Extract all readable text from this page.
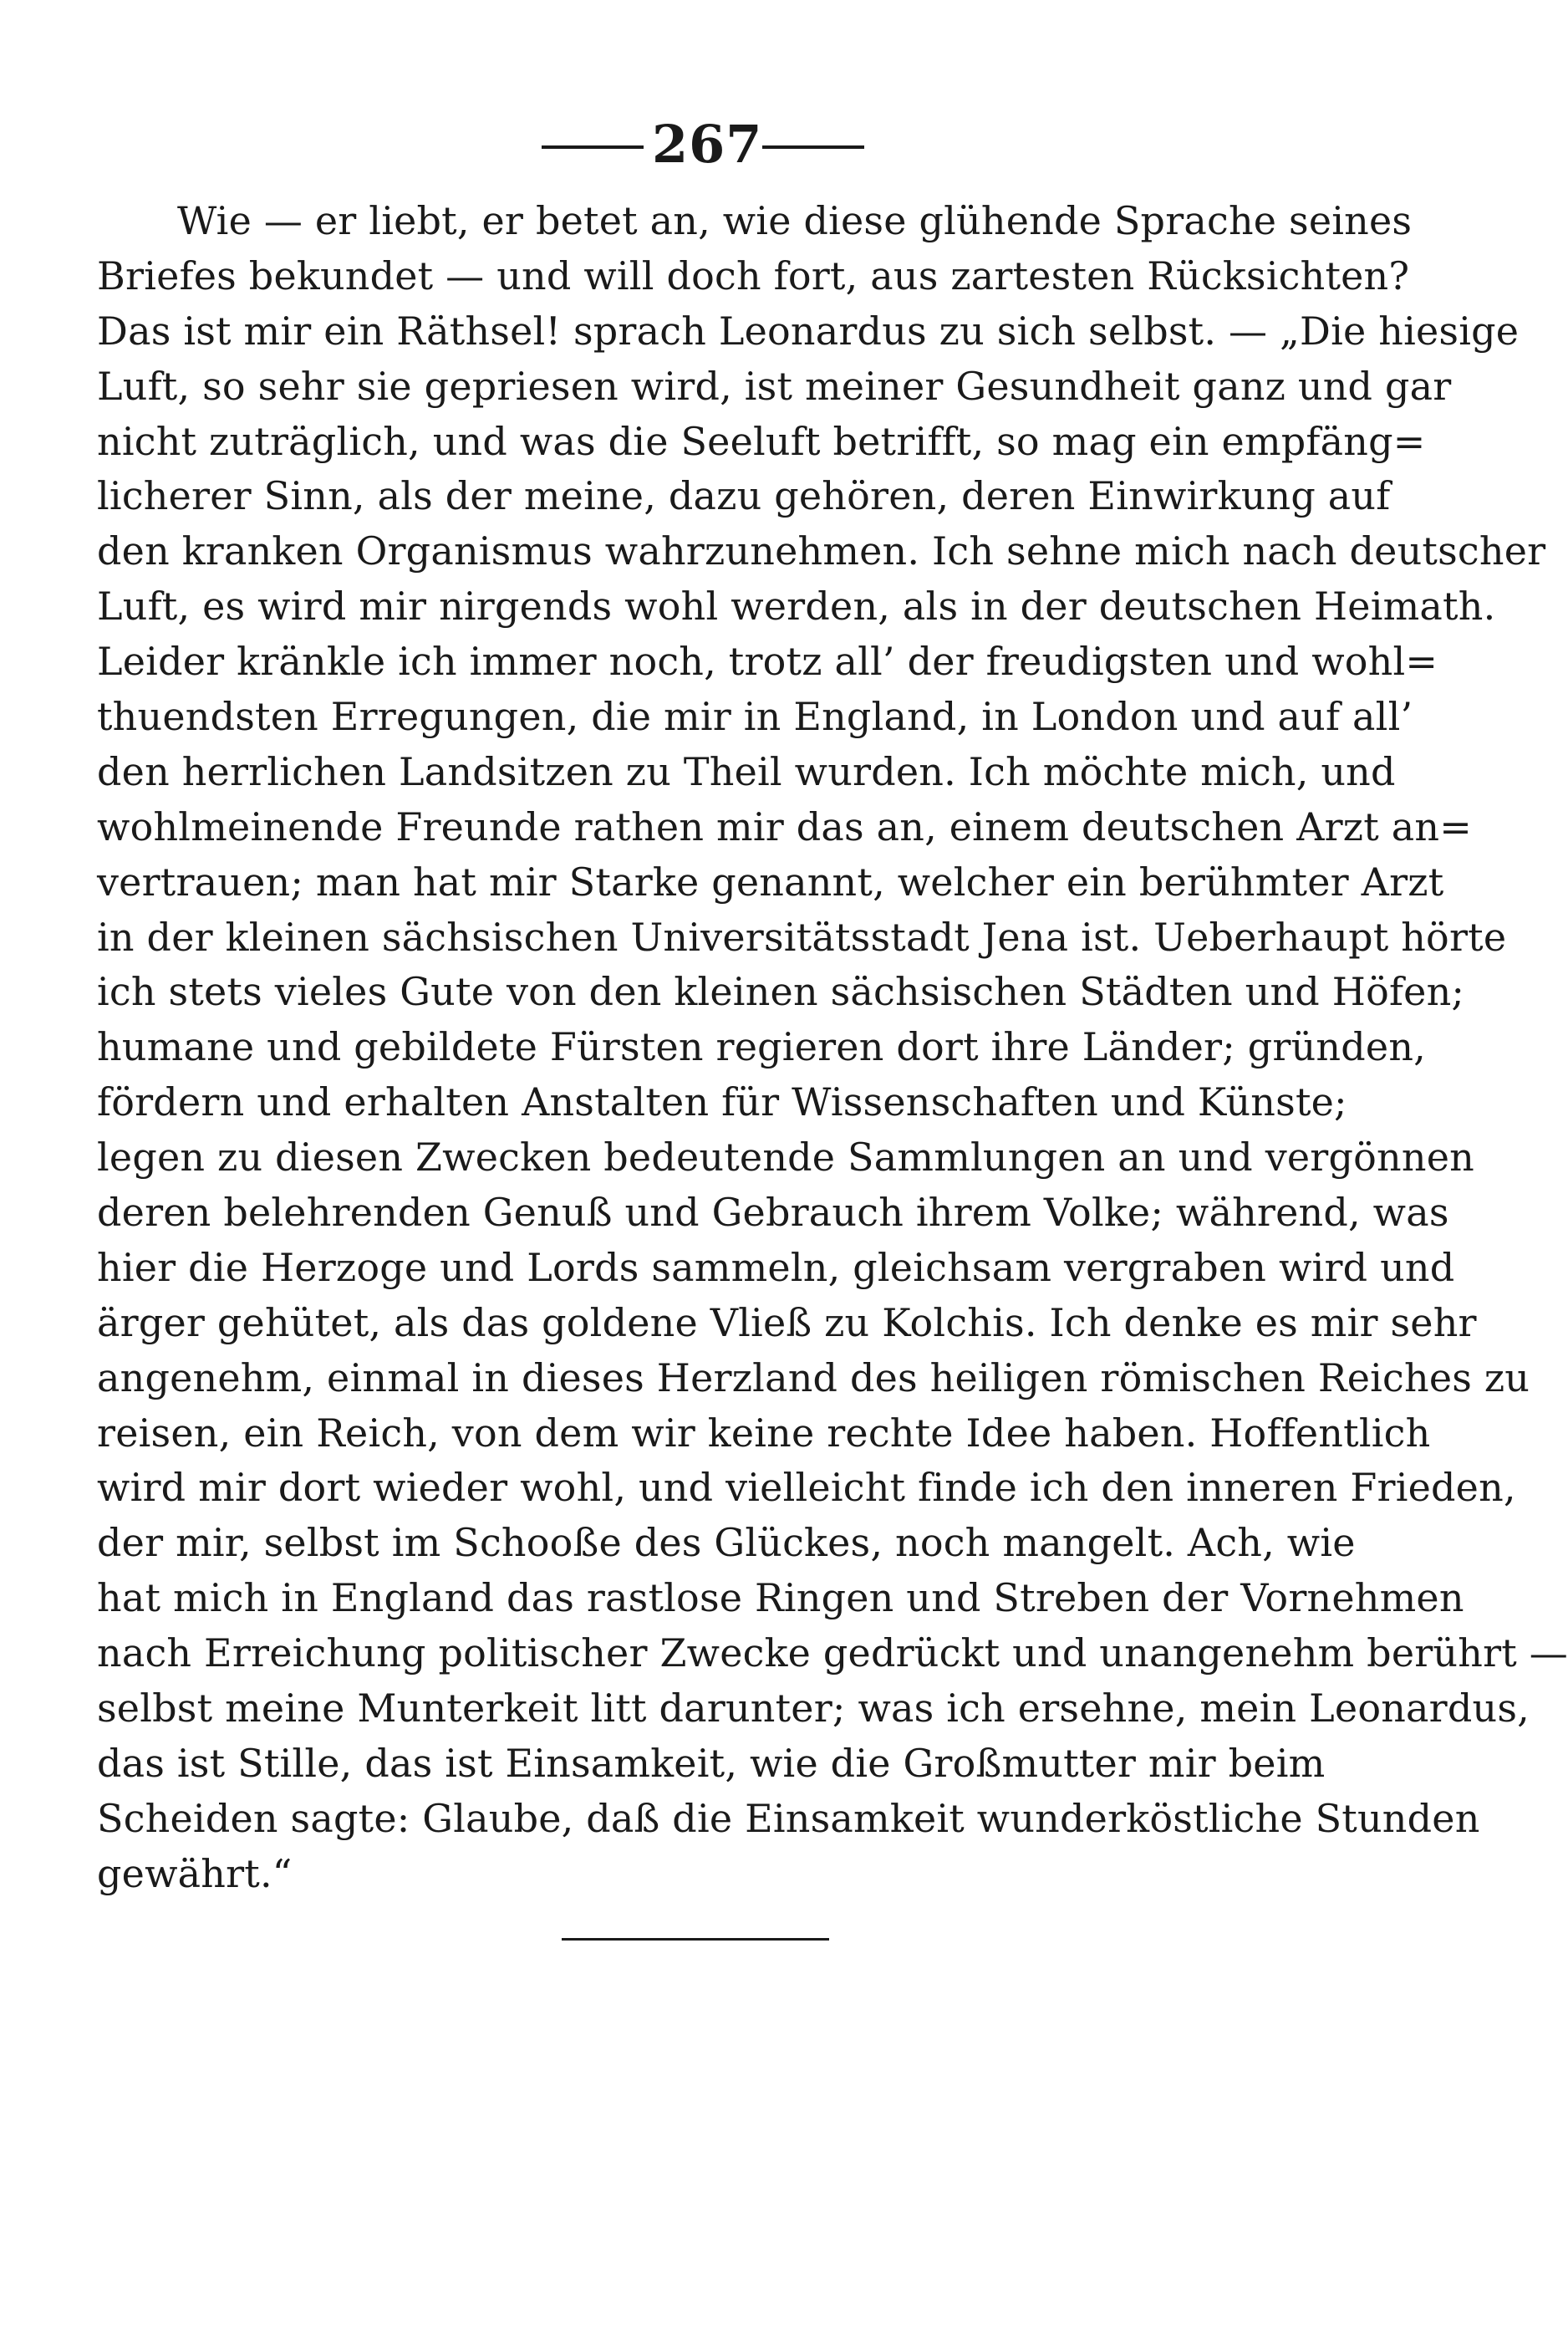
267
Wie — er liebt, er betet an, wie diese glühende Sprache seines
Briefes bekundet — und will doch fort, aus zartesten Rücksichten?
Das ist mir ein Räthsel! sprach Leonardus zu sich selbst. — „Die hiesige
Luft, so sehr sie gepriesen wird, ist meiner Gesundheit ganz und gar
nicht zuträglich, und was die Seeluft betrifft, so mag ein empfäng=
licherer Sinn, als der meine, dazu gehören, deren Einwirkung auf
den kranken Organismus wahrzunehmen. Ich sehne mich nach deutscher
Luft, es wird mir nirgends wohl werden, als in der deutschen Heimath.
Leider kränkle ich immer noch, trotz all’ der freudigsten und wohl=
thuendsten Erregungen, die mir in England, in London und auf all’
den herrlichen Landsitzen zu Theil wurden. Ich möchte mich, und
wohlmeinende Freunde rathen mir das an, einem deutschen Arzt an=
vertrauen; man hat mir Starke genannt, welcher ein berühmter Arzt
in der kleinen sächsischen Universitätsstadt Jena ist. Ueberhaupt hörte
ich stets vieles Gute von den kleinen sächsischen Städten und Höfen;
humane und gebildete Fürsten regieren dort ihre Länder; gründen,
fördern und erhalten Anstalten für Wissenschaften und Künste;
legen zu diesen Zwecken bedeutende Sammlungen an und vergönnen
deren belehrenden Genuß und Gebrauch ihrem Volke; während, was
hier die Herzoge und Lords sammeln, gleichsam vergraben wird und
ärger gehütet, als das goldene Vließ zu Kolchis. Ich denke es mir sehr
angenehm, einmal in dieses Herzland des heiligen römischen Reiches zu
reisen, ein Reich, von dem wir keine rechte Idee haben. Hoffentlich
wird mir dort wieder wohl, und vielleicht finde ich den inneren Frieden,
der mir, selbst im Schooße des Glückes, noch mangelt. Ach, wie
hat mich in England das rastlose Ringen und Streben der Vornehmen
nach Erreichung politischer Zwecke gedrückt und unangenehm berührt —
selbst meine Munterkeit litt darunter; was ich ersehne, mein Leonardus,
das ist Stille, das ist Einsamkeit, wie die Großmutter mir beim
Scheiden sagte: Glaube, daß die Einsamkeit wunderköstliche Stunden
gewährt.“
